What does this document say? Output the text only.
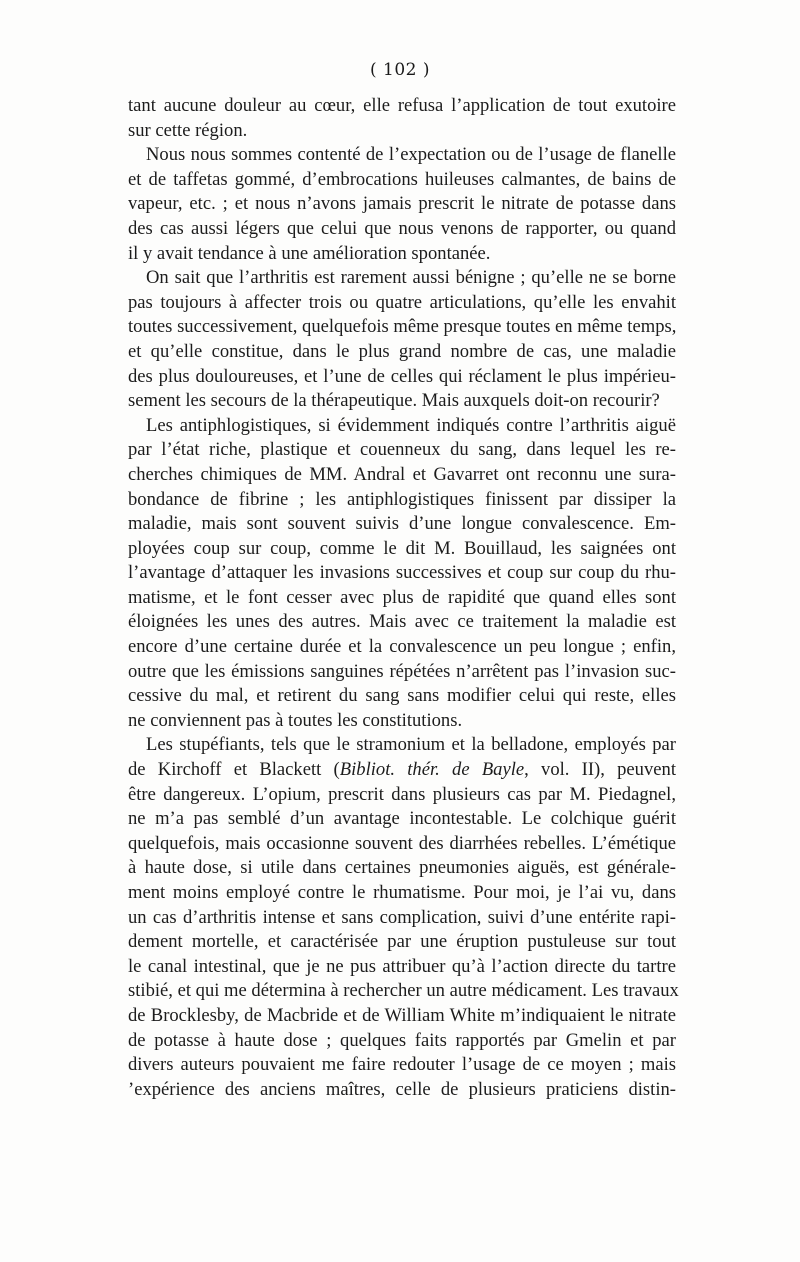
( 102 )
tant aucune douleur au cœur, elle refusa l’application de tout exutoire
sur cette région.
Nous nous sommes contenté de l’expectation ou de l’usage de flanelle
et de taffetas gommé, d’embrocations huileuses calmantes, de bains de
vapeur, etc. ; et nous n’avons jamais prescrit le nitrate de potasse dans
des cas aussi légers que celui que nous venons de rapporter, ou quand
il y avait tendance à une amélioration spontanée.
On sait que l’arthritis est rarement aussi bénigne ; qu’elle ne se borne
pas toujours à affecter trois ou quatre articulations, qu’elle les envahit
toutes successivement, quelquefois même presque toutes en même temps,
et qu’elle constitue, dans le plus grand nombre de cas, une maladie
des plus douloureuses, et l’une de celles qui réclament le plus impérieu-
sement les secours de la thérapeutique. Mais auxquels doit-on recourir?
Les antiphlogistiques, si évidemment indiqués contre l’arthritis aiguë
par l’état riche, plastique et couenneux du sang, dans lequel les re-
cherches chimiques de MM. Andral et Gavarret ont reconnu une sura-
bondance de fibrine ; les antiphlogistiques finissent par dissiper la
maladie, mais sont souvent suivis d’une longue convalescence. Em-
ployées coup sur coup, comme le dit M. Bouillaud, les saignées ont
l’avantage d’attaquer les invasions successives et coup sur coup du rhu-
matisme, et le font cesser avec plus de rapidité que quand elles sont
éloignées les unes des autres. Mais avec ce traitement la maladie est
encore d’une certaine durée et la convalescence un peu longue ; enfin,
outre que les émissions sanguines répétées n’arrêtent pas l’invasion suc-
cessive du mal, et retirent du sang sans modifier celui qui reste, elles
ne conviennent pas à toutes les constitutions.
Les stupéfiants, tels que le stramonium et la belladone, employés par
de Kirchoff et Blackett (Bibliot. thér. de Bayle, vol. II), peuvent
être dangereux. L’opium, prescrit dans plusieurs cas par M. Piedagnel,
ne m’a pas semblé d’un avantage incontestable. Le colchique guérit
quelquefois, mais occasionne souvent des diarrhées rebelles. L’émétique
à haute dose, si utile dans certaines pneumonies aiguës, est générale-
ment moins employé contre le rhumatisme. Pour moi, je l’ai vu, dans
un cas d’arthritis intense et sans complication, suivi d’une entérite rapi-
dement mortelle, et caractérisée par une éruption pustuleuse sur tout
le canal intestinal, que je ne pus attribuer qu’à l’action directe du tartre
stibié, et qui me détermina à rechercher un autre médicament. Les travaux
de Brocklesby, de Macbride et de William White m’indiquaient le nitrate
de potasse à haute dose ; quelques faits rapportés par Gmelin et par
divers auteurs pouvaient me faire redouter l’usage de ce moyen ; mais
’expérience des anciens maîtres, celle de plusieurs praticiens distin-
